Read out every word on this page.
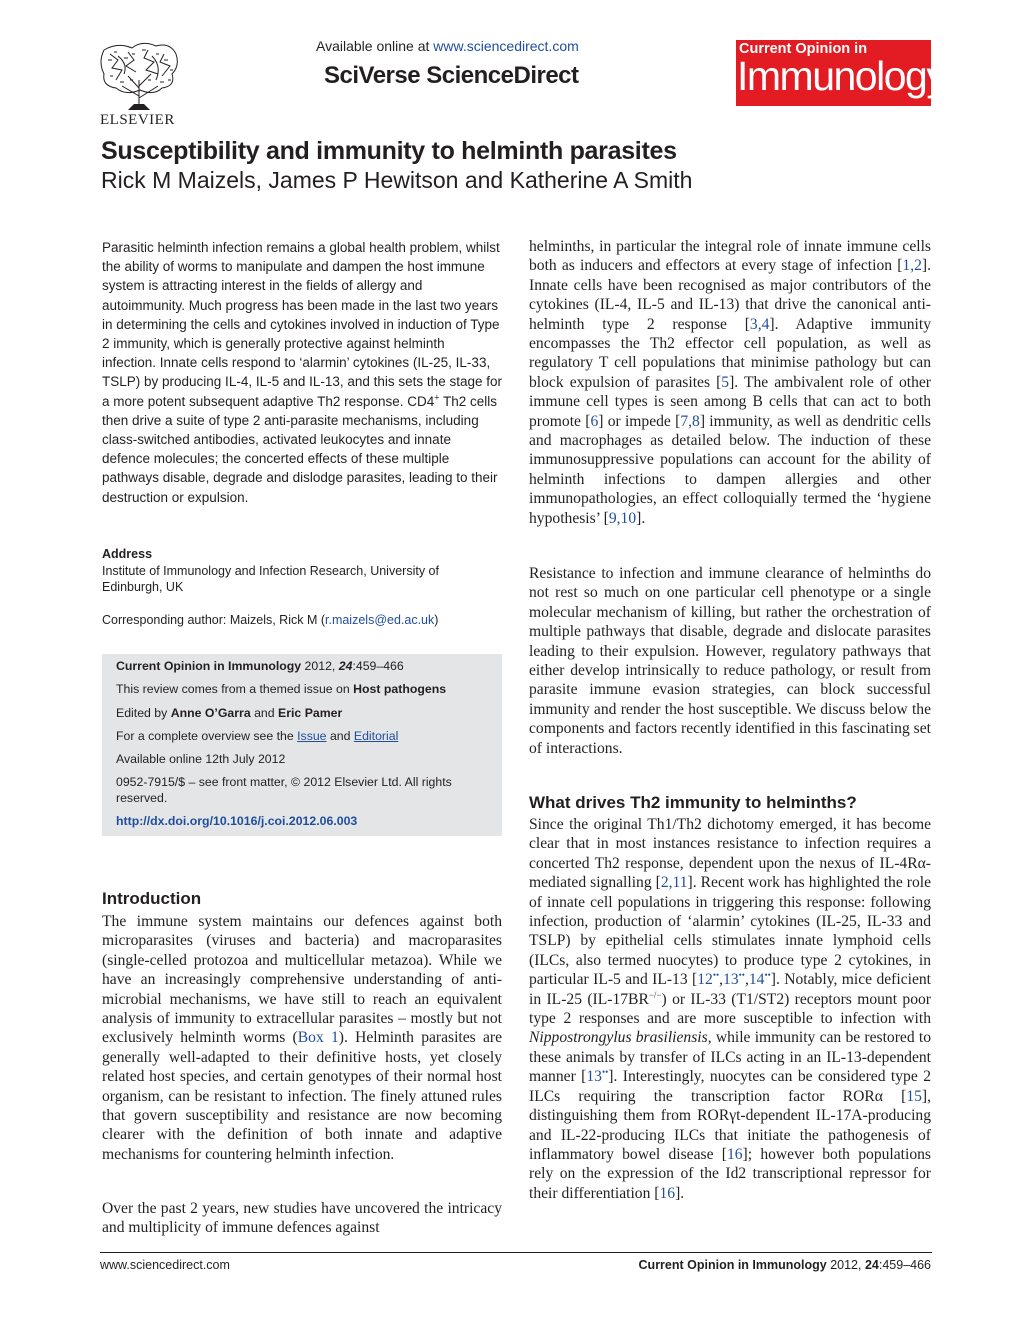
ELSEVIER
Available online at www.sciencedirect.com
SciVerse ScienceDirect
Current Opinion in
Immunology
Susceptibility and immunity to helminth parasites
Rick M Maizels, James P Hewitson and Katherine A Smith
Parasitic helminth infection remains a global health problem, whilst the ability of worms to manipulate and dampen the host immune system is attracting interest in the fields of allergy and autoimmunity. Much progress has been made in the last two years in determining the cells and cytokines involved in induction of Type 2 immunity, which is generally protective against helminth infection. Innate cells respond to ‘alarmin’ cytokines (IL-25, IL-33, TSLP) by producing IL-4, IL-5 and IL-13, and this sets the stage for a more potent subsequent adaptive Th2 response. CD4+ Th2 cells then drive a suite of type 2 anti-parasite mechanisms, including class-switched antibodies, activated leukocytes and innate defence molecules; the concerted effects of these multiple pathways disable, degrade and dislodge parasites, leading to their destruction or expulsion.
Address
Institute of Immunology and Infection Research, University of Edinburgh, UK
Corresponding author: Maizels, Rick M (r.maizels@ed.ac.uk)
Current Opinion in Immunology 2012, 24:459–466
This review comes from a themed issue on Host pathogens
Edited by Anne O’Garra and Eric Pamer
For a complete overview see the Issue and Editorial
Available online 12th July 2012
0952-7915/$ – see front matter, © 2012 Elsevier Ltd. All rights reserved.
http://dx.doi.org/10.1016/j.coi.2012.06.003
Introduction
The immune system maintains our defences against both microparasites (viruses and bacteria) and macroparasites (single-celled protozoa and multicellular metazoa). While we have an increasingly comprehensive understanding of anti-microbial mechanisms, we have still to reach an equivalent analysis of immunity to extracellular parasites – mostly but not exclusively helminth worms (Box 1). Helminth parasites are generally well-adapted to their definitive hosts, yet closely related host species, and certain genotypes of their normal host organism, can be resistant to infection. The finely attuned rules that govern susceptibility and resistance are now becoming clearer with the definition of both innate and adaptive mechanisms for countering helminth infection.
Over the past 2 years, new studies have uncovered the intricacy and multiplicity of immune defences against
helminths, in particular the integral role of innate immune cells both as inducers and effectors at every stage of infection [1,2]. Innate cells have been recognised as major contributors of the cytokines (IL-4, IL-5 and IL-13) that drive the canonical anti-helminth type 2 response [3,4]. Adaptive immunity encompasses the Th2 effector cell population, as well as regulatory T cell populations that minimise pathology but can block expulsion of parasites [5]. The ambivalent role of other immune cell types is seen among B cells that can act to both promote [6] or impede [7,8] immunity, as well as dendritic cells and macrophages as detailed below. The induction of these immunosuppressive populations can account for the ability of helminth infections to dampen allergies and other immunopathologies, an effect colloquially termed the ‘hygiene hypothesis’ [9,10].
Resistance to infection and immune clearance of helminths do not rest so much on one particular cell phenotype or a single molecular mechanism of killing, but rather the orchestration of multiple pathways that disable, degrade and dislocate parasites leading to their expulsion. However, regulatory pathways that either develop intrinsically to reduce pathology, or result from parasite immune evasion strategies, can block successful immunity and render the host susceptible. We discuss below the components and factors recently identified in this fascinating set of interactions.
What drives Th2 immunity to helminths?
Since the original Th1/Th2 dichotomy emerged, it has become clear that in most instances resistance to infection requires a concerted Th2 response, dependent upon the nexus of IL-4Rα-mediated signalling [2,11]. Recent work has highlighted the role of innate cell populations in triggering this response: following infection, production of ‘alarmin’ cytokines (IL-25, IL-33 and TSLP) by epithelial cells stimulates innate lymphoid cells (ILCs, also termed nuocytes) to produce type 2 cytokines, in particular IL-5 and IL-13 [12••,13••,14••]. Notably, mice deficient in IL-25 (IL-17BR−/−) or IL-33 (T1/ST2) receptors mount poor type 2 responses and are more susceptible to infection with Nippostrongylus brasiliensis, while immunity can be restored to these animals by transfer of ILCs acting in an IL-13-dependent manner [13••]. Interestingly, nuocytes can be considered type 2 ILCs requiring the transcription factor RORα [15], distinguishing them from RORγt-dependent IL-17A-producing and IL-22-producing ILCs that initiate the pathogenesis of inflammatory bowel disease [16]; however both populations rely on the expression of the Id2 transcriptional repressor for their differentiation [16].
www.sciencedirect.com	Current Opinion in Immunology 2012, 24:459–466
